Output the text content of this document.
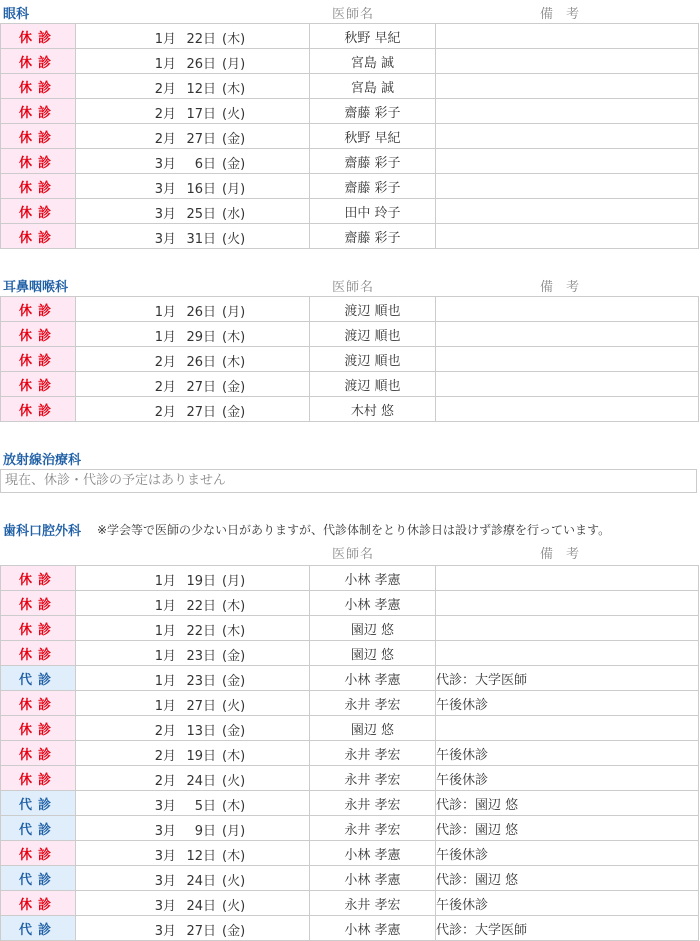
眼科	医師名	備　考
休診	1月 22日 (木)	秋野 早紀	
休診	1月 26日 (月)	宮島 誠	
休診	2月 12日 (木)	宮島 誠	
休診	2月 17日 (火)	齋藤 彩子	
休診	2月 27日 (金)	秋野 早紀	
休診	3月 6日 (金)	齋藤 彩子	
休診	3月 16日 (月)	齋藤 彩子	
休診	3月 25日 (水)	田中 玲子	
休診	3月 31日 (火)	齋藤 彩子	
耳鼻咽喉科	医師名	備　考
休診	1月 26日 (月)	渡辺 順也	
休診	1月 29日 (木)	渡辺 順也	
休診	2月 26日 (木)	渡辺 順也	
休診	2月 27日 (金)	渡辺 順也	
休診	2月 27日 (金)	木村 悠	
放射線治療科
現在、休診・代診の予定はありません
歯科口腔外科 ※学会等で医師の少ない日がありますが、代診体制をとり休診日は設けず診療を行っています。
医師名	備　考
休診	1月 19日 (月)	小林 孝憲	
休診	1月 22日 (木)	小林 孝憲	
休診	1月 22日 (木)	園辺 悠	
休診	1月 23日 (金)	園辺 悠	
代診	1月 23日 (金)	小林 孝憲	代診：大学医師
休診	1月 27日 (火)	永井 孝宏	午後休診
休診	2月 13日 (金)	園辺 悠	
休診	2月 19日 (木)	永井 孝宏	午後休診
休診	2月 24日 (火)	永井 孝宏	午後休診
代診	3月 5日 (木)	永井 孝宏	代診：園辺 悠
代診	3月 9日 (月)	永井 孝宏	代診：園辺 悠
休診	3月 12日 (木)	小林 孝憲	午後休診
代診	3月 24日 (火)	小林 孝憲	代診：園辺 悠
休診	3月 24日 (火)	永井 孝宏	午後休診
代診	3月 27日 (金)	小林 孝憲	代診：大学医師
